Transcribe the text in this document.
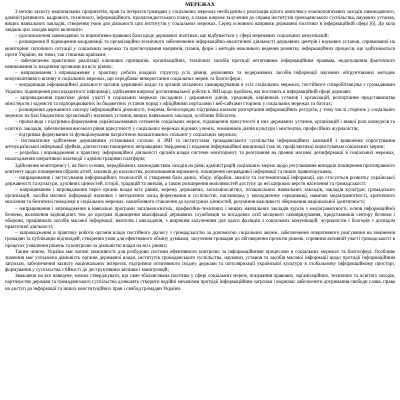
МЕРЕЖАХ

З метою захисту національних пріоритетів, прав та інтересів громадян у соціальних мережах необхідним є реалізація цілого комплексу взаємопов'язаних заходів законодавчого, адміністративного, кадрового, технічного, інформаційного, пропагандистського плану, а також широке залучення до справи інститутів громадянського суспільства, наукових установ, вищих навчальних закладів, створення умов для діяльності цих інститутів у соціальних мережах. Серед основних напрямів державної політики в інформаційній сфері [6]. До кола завдань цих заходів варто включити:

– удосконалення законодавчої та нормативно-правової бази щодо державної політики, що відбувається у сфері мережевих соціальних комунікацій;

– розширення й підвищення координації та організаційно-технічного забезпечення інформаційно-аналітичної діяльності державних центрів і наукових установ, спрямованої на моніторинг поточного ситуації у соціальних мережах та прогнозування напрямів, планів, форм і методів можливого ведення розвитку інформаційних процесів, що здійснюються проти України, як тими, так і іншими країнами;

– забезпечення практичної реалізації ключових принципів, організаційних, технічних засобів протидії негативним інформаційним проявам, недопущення фактичного невиконання їх владними органами на всіх рівнях;

– напрацювання і впровадження у практику роботи владних структур усіх рівнів, державних та недержавних засобів інформації наукових обґрунтованих методик комунікативного впливу в соціальних мережах, що передбачає використання соціальних мереж та блогосфери;

– координація інформаційної діяльності органів державної влади та органів місцевого самоврядування в усіх соціальних мережах, постійного співробітництва з громадянами України, підвищення ролі відкритості інформації, здійснення широкої роз'яснювальної роботи в ЗМІ щодо проблем, які постають в інформаційній сфері держави;

– запровадження практики дієвої участі в соціальних мережах посадових і державних діячів, урядовців, керівників установ і організацій, розгортання представництва міністерств і відомств та підпорядкованих їм бюджетних установ поряд з офіційними порталами і веб-сайтами сторінок у соціальних мережах та блогах;

– розширення державного сектору інформаційної діяльності, зокрема, безпосереднє підтримка шляхом розгортання інформаційних ресурсів, у тому числі сторінок у соціальних мережах на базі бюджетних організацій і наукових установ, вищих навчальних закладів, особливо бібліотек;

– пропаганда і підтримка формування українськомовних сегментів соціальних мереж, підвищення присутності в них державних установ, організацій і вищої ролі конкурсів та освітніх закладів, забезпечення високого рівня присутності у соціальних мережах відомих учених, чиновників діячів культури і мистецтва, професійних журналістів;

– підтримка формування та функціонування патріотично налаштованих спільнот у соціальних мережах;

– систематичне здійснення державними установами спільно зі ЗМІ та інститутами громадянського суспільства інформаційних кампаній з виявлення спростування антиукраїнської інформації (фейків, діагностики поширених неправдивих тверджень) і надання інформаційної вакцинації (так зв. профілактика) користувачам соціальних мереж;

– розробка і впровадження в практику інформаційної діяльності органів влади системи моніторингу та реагування на прояви масової дезінформації в соціальних мережах, налагодження оперативної взаємодії з адміністраціями платформ;

Здійснення моніторингу і, як його основи, передбачених законодавством заходів на рівні адміністрацій соціальних мереж щодо регулювання випадків поширення протиправного контенту щодо поширення образів дітей, закликів до насильства, розпалювання ворожнечі, поширення неправдивої інформації та інших правопорушень;

– напрацювання і застосування інформаційних технологій зі створення бази даних, збору, обробки, аналізу та систематизації інформації, що стосується розвитку української державності та культури, духовних цінностей, історії, традицій та звичаїв, а також розширення можливостей доступу до неї широких верств населення та громадськості;

– напрацювання і впровадження через органи влади всіх рівнів, мережу державних, загальноосвітніх, позашкільних навчальних закладів, закладів культури, громадських організацій, засобів масової інформації наукових і методичних засад формування в суспільстві, насамперед у молодіжному середовищі, навичок медіаграмотності, критичного мислення та безпечної поведінки в соціальних мережах, шанобливого ставлення до культурних цінностей, розуміння важливості збереження національної ідентичності;

– напрацювання і впровадження в навчальні програми загальноосвітніх, професійно-технічних і вищих навчальних закладів курсів з медіаграмотності, основ інформаційної безпеки, включення відповідних тем до програм підвищення кваліфікації державних службовців та посадових осіб місцевого самоврядування, представників сектору безпеки і оборони, працівників засобів масової інформації, вчителів і викладачів, з широким залученням для цього фахівців з соціальних комунікацій, журналістів і блогерів з досвідом практичної діяльності;

– запровадження в практику роботи органів влади постійного діалогу з громадськістю за допомогою соціальних мереж, забезпечення оперативного реагування на звернення громадян та публікацію відповідей, створення умов для ефективного обміну думками, залучення громадян до обговорення проєктів рішень, сприяння активній участі громадськості в процесах ухвалення рішень та контролю за діяльністю влади на всіх рівнях;

Таким чином, Україна має вагомі можливості для розбудови системи ефективного контролю за інформаційними процесами в соціальних мережах та блогосфері. Особливе значення має узгоджена діяльність органів державної влади, інститутів громадянського суспільства, наукових установ та засобів масової інформації щодо протидії інформаційним загрозам, забезпечення захисту національних інтересів, підтримки позитивного іміджу держави та популяризації української культури в глобальному інформаційному просторі, формування у суспільства стійкості до деструктивних впливів і маніпуляцій;

Зважаючи на все наведене, можна стверджувати, що саме збалансована політика у сфері соціальних мереж, поєднання правових, організаційних, технічних та освітніх заходів, партнерство держави та громадянського суспільства дозволять створити надійні механізми протидії інформаційним загрозам і водночас забезпечити дотримання свободи слова, права на доступ до інформації та інших конституційних прав і свобод громадян України.
